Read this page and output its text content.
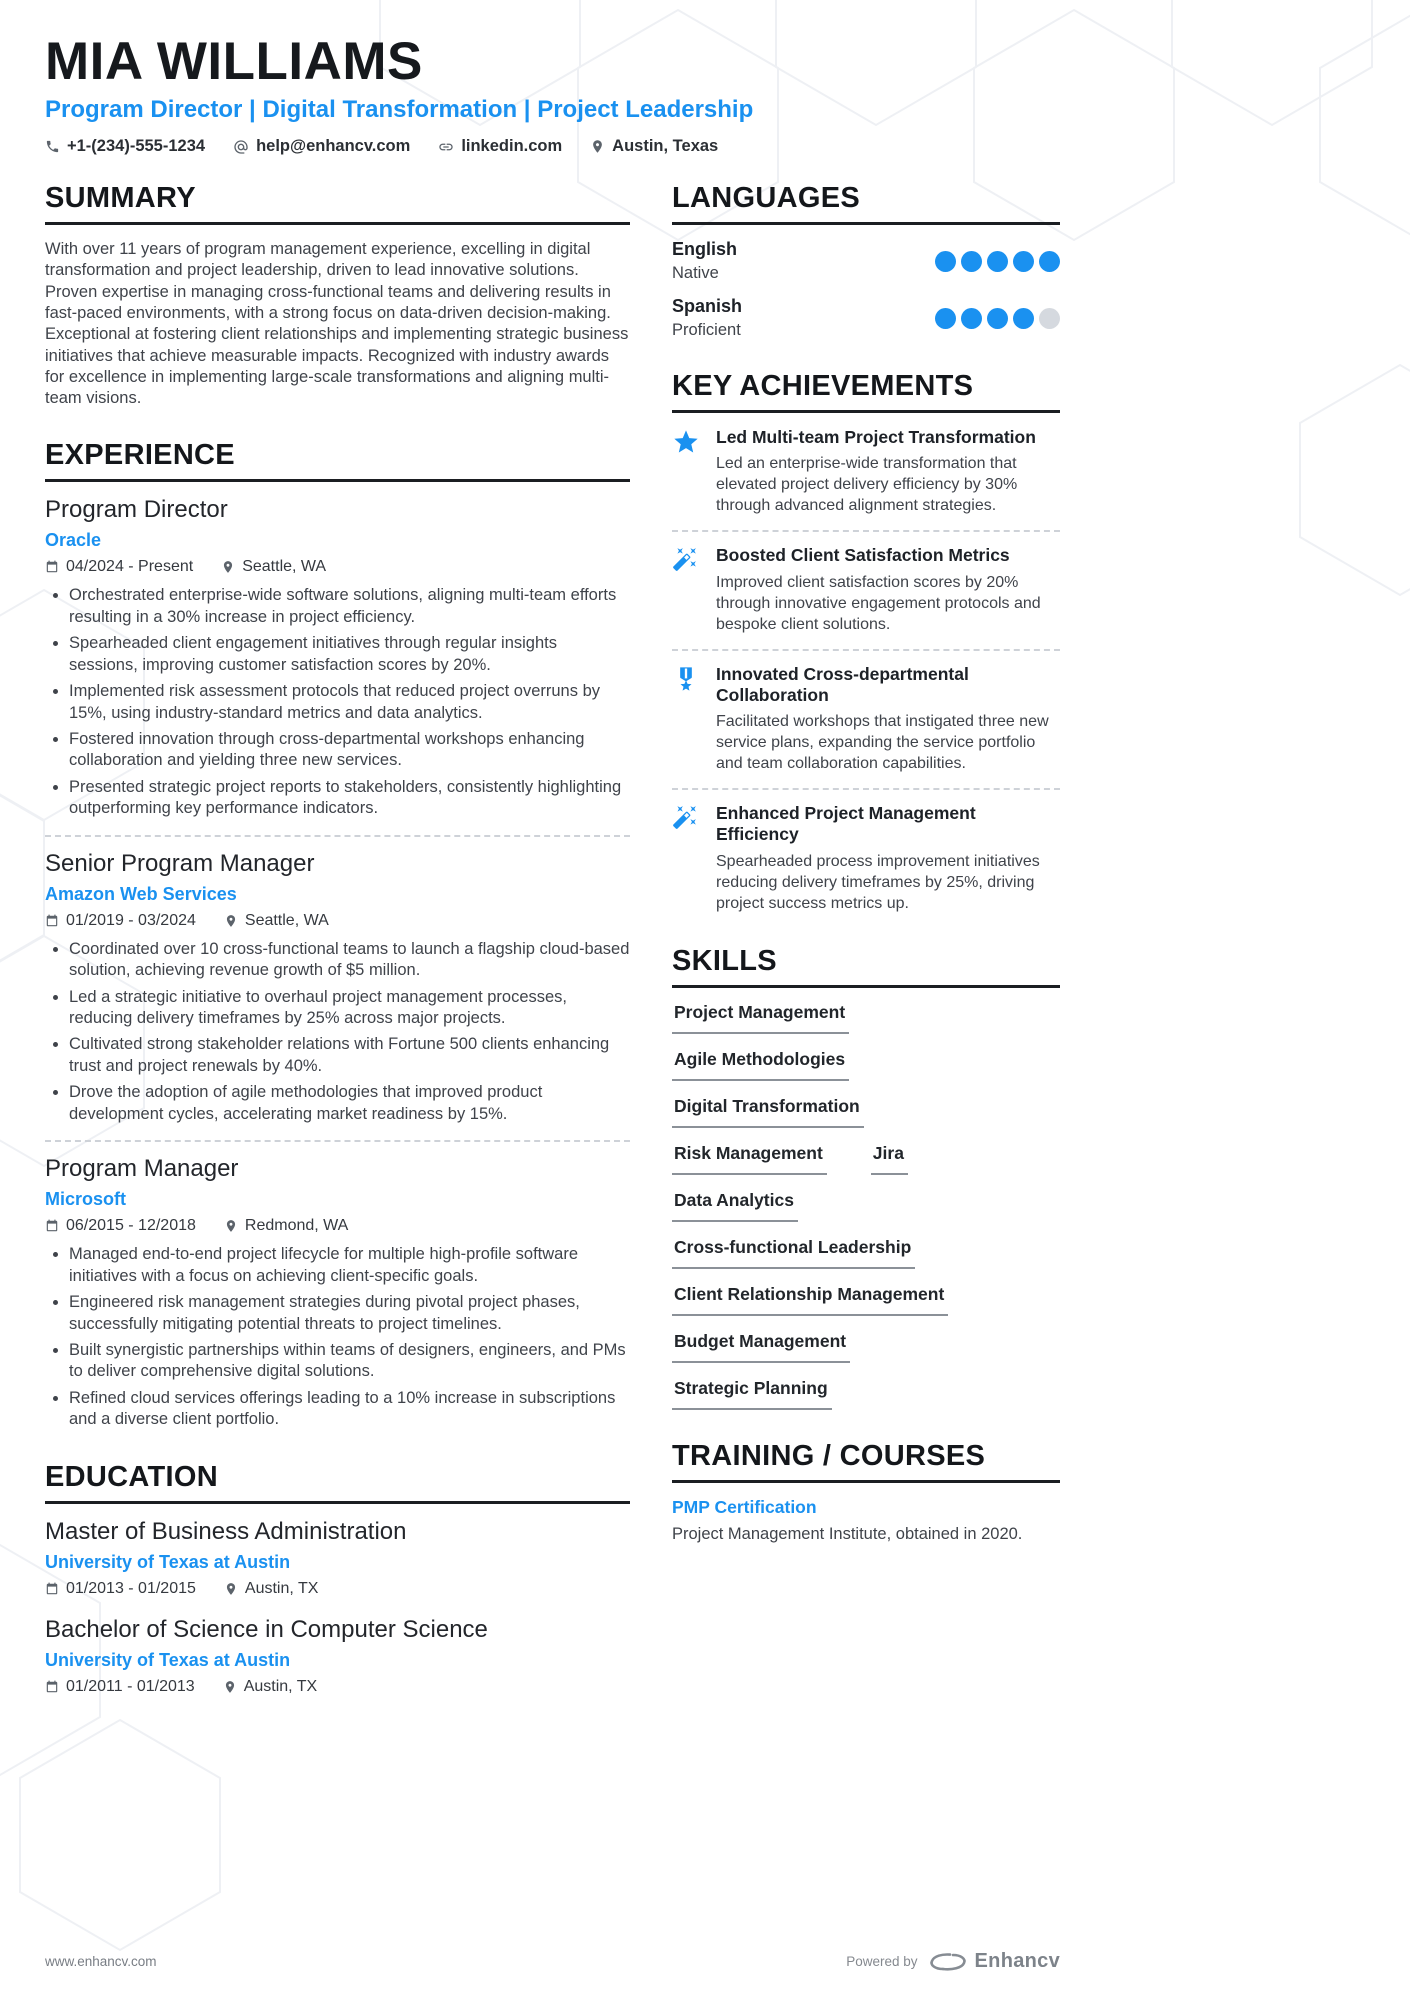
MIA WILLIAMS
Program Director | Digital Transformation | Project Leadership
+1-(234)-555-1234	help@enhancv.com	linkedin.com	Austin, Texas
SUMMARY

With over 11 years of program management experience, excelling in digital transformation and project leadership, driven to lead innovative solutions. Proven expertise in managing cross-functional teams and delivering results in fast-paced environments, with a strong focus on data-driven decision-making. Exceptional at fostering client relationships and implementing strategic business initiatives that achieve measurable impacts. Recognized with industry awards for excellence in implementing large-scale transformations and aligning multi-team visions.

EXPERIENCE
Program Director
Oracle
04/2024 - Present	Seattle, WA
• Orchestrated enterprise-wide software solutions, aligning multi-team efforts resulting in a 30% increase in project efficiency.
• Spearheaded client engagement initiatives through regular insights sessions, improving customer satisfaction scores by 20%.
• Implemented risk assessment protocols that reduced project overruns by 15%, using industry-standard metrics and data analytics.
• Fostered innovation through cross-departmental workshops enhancing collaboration and yielding three new services.
• Presented strategic project reports to stakeholders, consistently highlighting outperforming key performance indicators.
Senior Program Manager
Amazon Web Services
01/2019 - 03/2024	Seattle, WA
• Coordinated over 10 cross-functional teams to launch a flagship cloud-based solution, achieving revenue growth of $5 million.
• Led a strategic initiative to overhaul project management processes, reducing delivery timeframes by 25% across major projects.
• Cultivated strong stakeholder relations with Fortune 500 clients enhancing trust and project renewals by 40%.
• Drove the adoption of agile methodologies that improved product development cycles, accelerating market readiness by 15%.
Program Manager
Microsoft
06/2015 - 12/2018	Redmond, WA
• Managed end-to-end project lifecycle for multiple high-profile software initiatives with a focus on achieving client-specific goals.
• Engineered risk management strategies during pivotal project phases, successfully mitigating potential threats to project timelines.
• Built synergistic partnerships within teams of designers, engineers, and PMs to deliver comprehensive digital solutions.
• Refined cloud services offerings leading to a 10% increase in subscriptions and a diverse client portfolio.
EDUCATION
Master of Business Administration
University of Texas at Austin
01/2013 - 01/2015	Austin, TX
Bachelor of Science in Computer Science
University of Texas at Austin
01/2011 - 01/2013	Austin, TX
LANGUAGES
English
Native
Spanish
Proficient
KEY ACHIEVEMENTS
Led Multi-team Project Transformation
Led an enterprise-wide transformation that elevated project delivery efficiency by 30% through advanced alignment strategies.
Boosted Client Satisfaction Metrics
Improved client satisfaction scores by 20% through innovative engagement protocols and bespoke client solutions.
Innovated Cross-departmental Collaboration
Facilitated workshops that instigated three new service plans, expanding the service portfolio and team collaboration capabilities.
Enhanced Project Management Efficiency
Spearheaded process improvement initiatives reducing delivery timeframes by 25%, driving project success metrics up.
SKILLS
Project Management
Agile Methodologies
Digital Transformation
Risk Management	Jira
Data Analytics
Cross-functional Leadership
Client Relationship Management
Budget Management
Strategic Planning
TRAINING / COURSES
PMP Certification
Project Management Institute, obtained in 2020.
www.enhancv.com	Powered by	Enhancv
